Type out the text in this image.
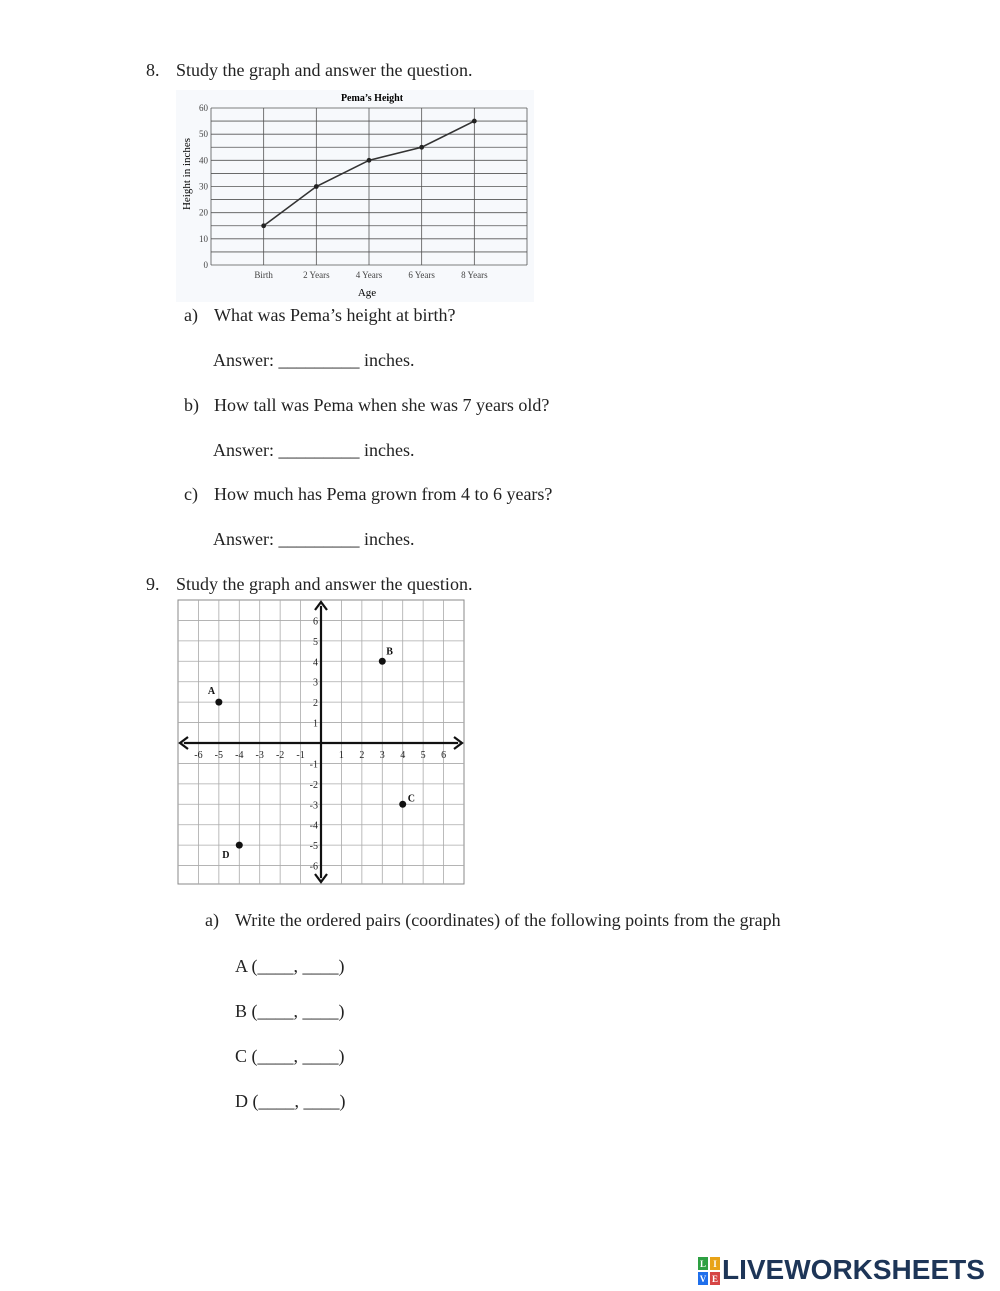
8. Study the graph and answer the question.
Pema’s Height
0
10
20
30
40
50
60
Birth	2 Years	4 Years	6 Years	8 Years
Age
Height in inches
a) What was Pema’s height at birth?
Answer: _________ inches.
b) How tall was Pema when she was 7 years old?
Answer: _________ inches.
c) How much has Pema grown from 4 to 6 years?
Answer: _________ inches.
9. Study the graph and answer the question.
-6 -5 -4 -3 -2 -1	1 2 3 4 5 6
6
5
4
3
2
1
-1
-2
-3
-4
-5
-6
A
B
C
D
a) Write the ordered pairs (coordinates) of the following points from the graph
A (____, ____)
B (____, ____)
C (____, ____)
D (____, ____)
L I
V E LIVEWORKSHEETS
